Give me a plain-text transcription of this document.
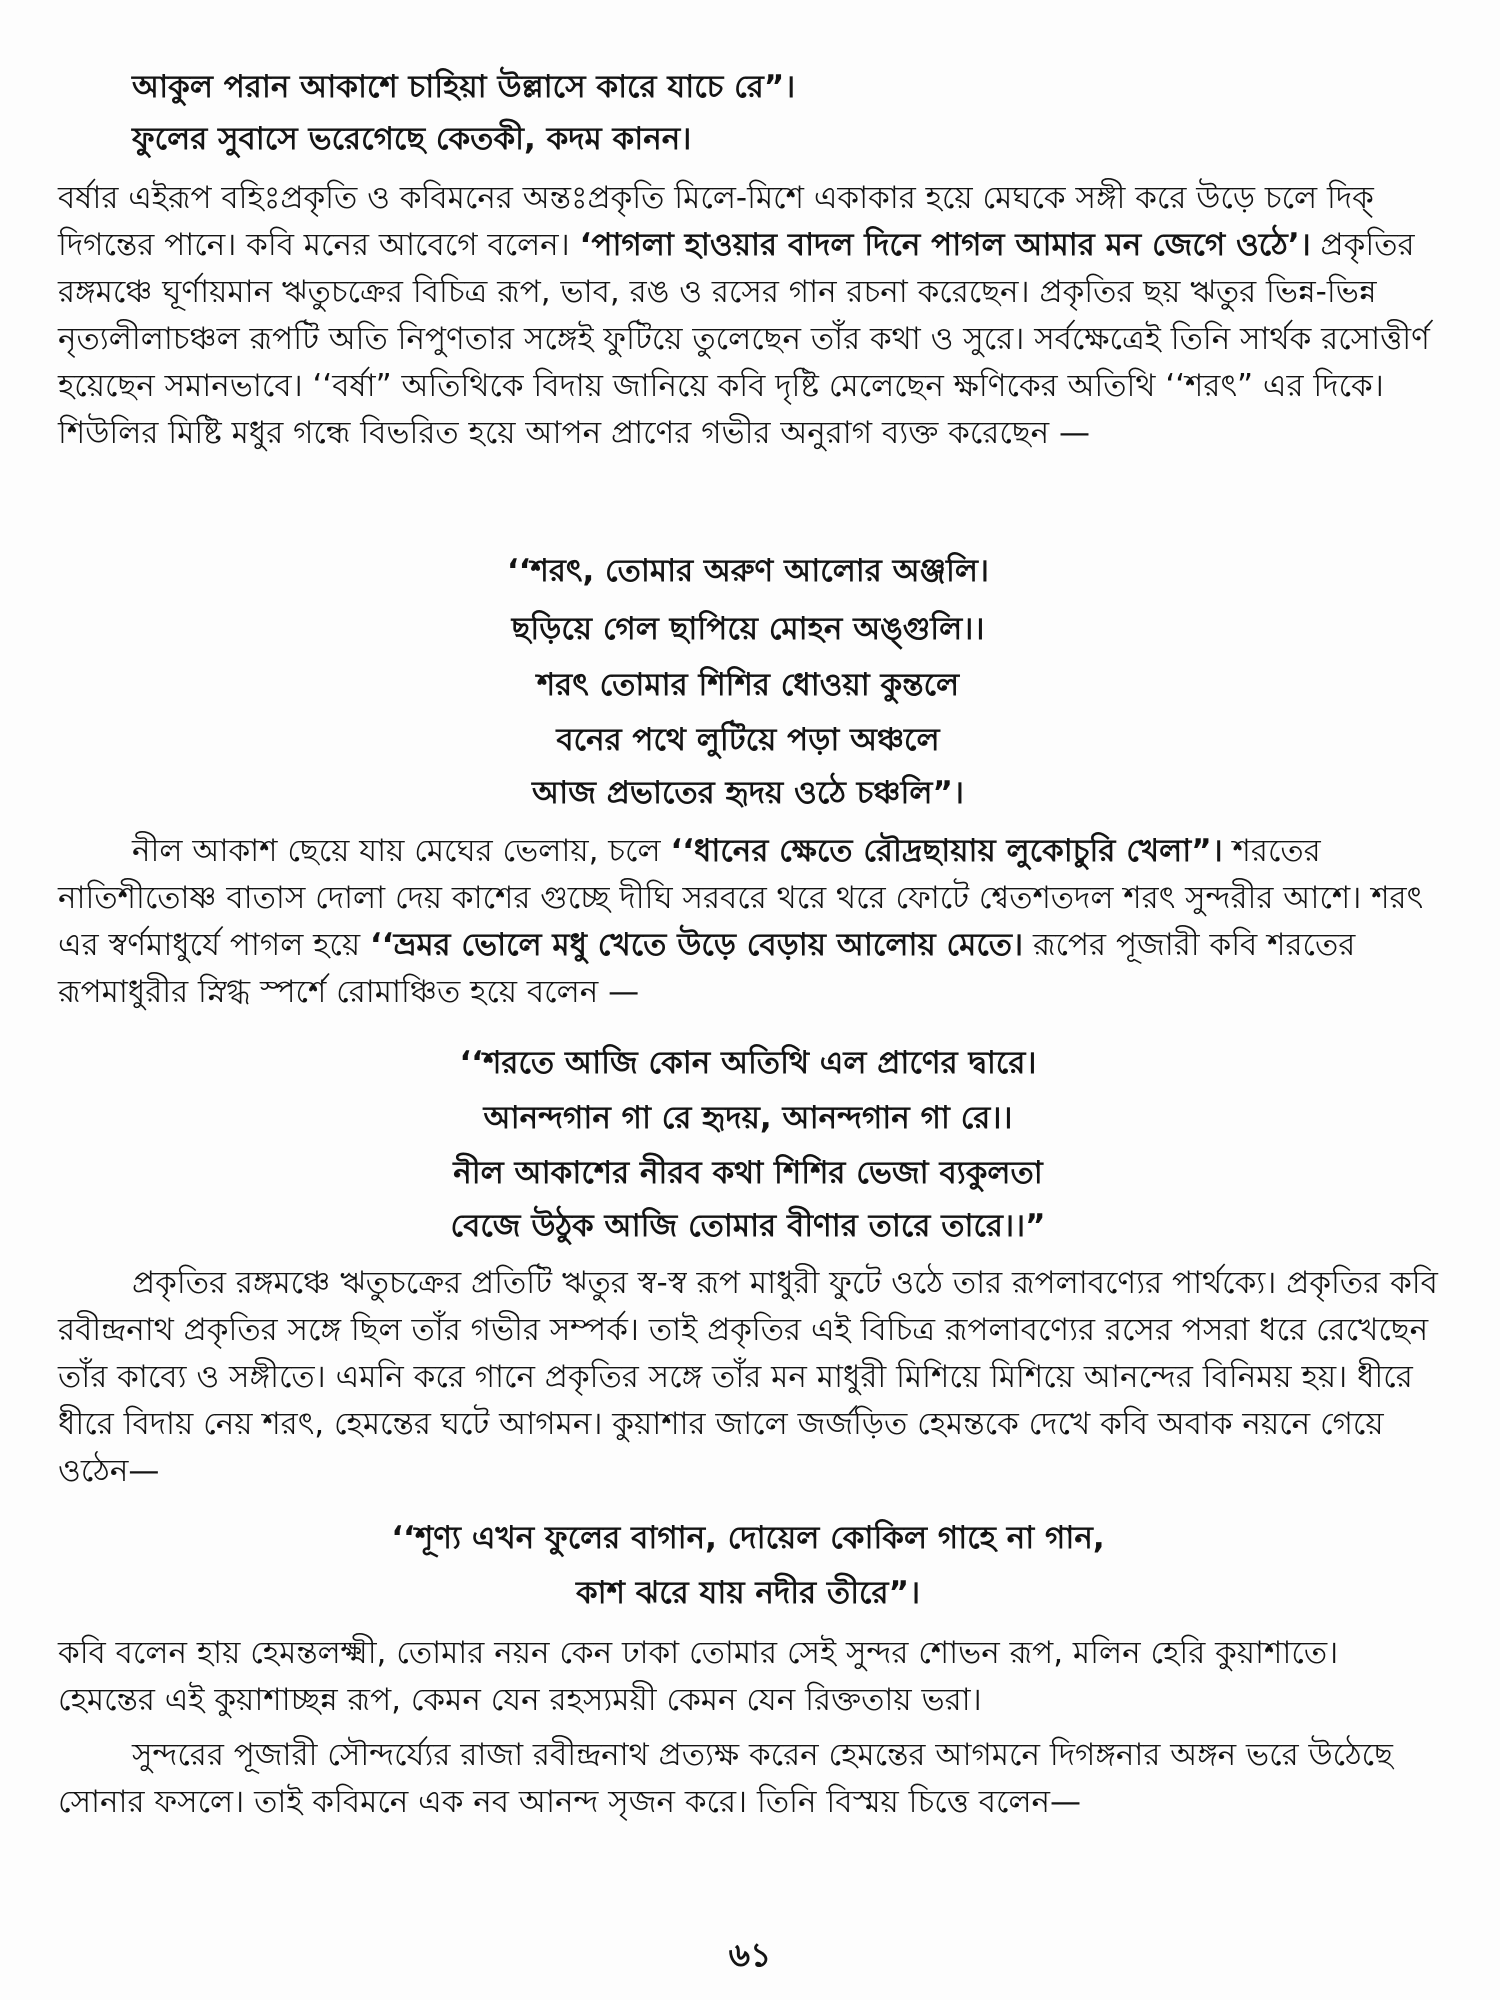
আকুল পরান আকাশে চাহিয়া উল্লাসে কারে যাচে রে”।

ফুলের সুবাসে ভরেগেছে কেতকী, কদম কানন।

বর্ষার এইরূপ বহিঃপ্রকৃতি ও কবিমনের অন্তঃপ্রকৃতি মিলে-মিশে একাকার হয়ে মেঘকে সঙ্গী করে উড়ে চলে দিক্ দিগন্তের পানে। কবি মনের আবেগে বলেন। ‘পাগলা হাওয়ার বাদল দিনে পাগল আমার মন জেগে ওঠে’। প্রকৃতির রঙ্গমঞ্চে ঘূর্ণায়মান ঋতুচক্রের বিচিত্র রূপ, ভাব, রঙ ও রসের গান রচনা করেছেন। প্রকৃতির ছয় ঋতুর ভিন্ন-ভিন্ন নৃত্যলীলাচঞ্চল রূপটি অতি নিপুণতার সঙ্গেই ফুটিয়ে তুলেছেন তাঁর কথা ও সুরে। সর্বক্ষেত্রেই তিনি সার্থক রসোত্তীর্ণ হয়েছেন সমানভাবে। ‘‘বর্ষা” অতিথিকে বিদায় জানিয়ে কবি দৃষ্টি মেলেছেন ক্ষণিকের অতিথি ‘‘শরৎ” এর দিকে। শিউলির মিষ্টি মধুর গন্ধে বিভরিত হয়ে আপন প্রাণের গভীর অনুরাগ ব্যক্ত করেছেন —

‘‘শরৎ, তোমার অরুণ আলোর অঞ্জলি।

ছড়িয়ে গেল ছাপিয়ে মোহন অঙ্গুলি।।

শরৎ তোমার শিশির ধোওয়া কুন্তলে

বনের পথে লুটিয়ে পড়া অঞ্চলে

আজ প্রভাতের হৃদয় ওঠে চঞ্চলি”।

নীল আকাশ ছেয়ে যায় মেঘের ভেলায়, চলে ‘‘ধানের ক্ষেতে রৌদ্রছায়ায় লুকোচুরি খেলা”। শরতের নাতিশীতোষ্ণ বাতাস দোলা দেয় কাশের গুচ্ছে দীঘি সরবরে থরে থরে ফোটে শ্বেতশতদল শরৎ সুন্দরীর আশে। শরৎ এর স্বর্ণমাধুর্যে পাগল হয়ে ‘‘ভ্রমর ভোলে মধু খেতে উড়ে বেড়ায় আলোয় মেতে। রূপের পূজারী কবি শরতের রূপমাধুরীর স্নিগ্ধ স্পর্শে রোমাঞ্চিত হয়ে বলেন —

‘‘শরতে আজি কোন অতিথি এল প্রাণের দ্বারে।

আনন্দগান গা রে হৃদয়, আনন্দগান গা রে।।

নীল আকাশের নীরব কথা শিশির ভেজা ব্যকুলতা

বেজে উঠুক আজি তোমার বীণার তারে তারে।।”

প্রকৃতির রঙ্গমঞ্চে ঋতুচক্রের প্রতিটি ঋতুর স্ব-স্ব রূপ মাধুরী ফুটে ওঠে তার রূপলাবণ্যের পার্থক্যে। প্রকৃতির কবি রবীন্দ্রনাথ প্রকৃতির সঙ্গে ছিল তাঁর গভীর সম্পর্ক। তাই প্রকৃতির এই বিচিত্র রূপলাবণ্যের রসের পসরা ধরে রেখেছেন তাঁর কাব্যে ও সঙ্গীতে। এমনি করে গানে প্রকৃতির সঙ্গে তাঁর মন মাধুরী মিশিয়ে মিশিয়ে আনন্দের বিনিময় হয়। ধীরে ধীরে বিদায় নেয় শরৎ, হেমন্তের ঘটে আগমন। কুয়াশার জালে জর্জড়িত হেমন্তকে দেখে কবি অবাক নয়নে গেয়ে ওঠেন—

‘‘শূণ্য এখন ফুলের বাগান, দোয়েল কোকিল গাহে না গান,

কাশ ঝরে যায় নদীর তীরে”।

কবি বলেন হায় হেমন্তলক্ষ্মী, তোমার নয়ন কেন ঢাকা তোমার সেই সুন্দর শোভন রূপ, মলিন হেরি কুয়াশাতে। হেমন্তের এই কুয়াশাচ্ছন্ন রূপ, কেমন যেন রহস্যময়ী কেমন যেন রিক্ততায় ভরা।

সুন্দরের পূজারী সৌন্দর্য্যের রাজা রবীন্দ্রনাথ প্রত্যক্ষ করেন হেমন্তের আগমনে দিগঙ্গনার অঙ্গন ভরে উঠেছে সোনার ফসলে। তাই কবিমনে এক নব আনন্দ সৃজন করে। তিনি বিস্ময় চিত্তে বলেন—

৬১
